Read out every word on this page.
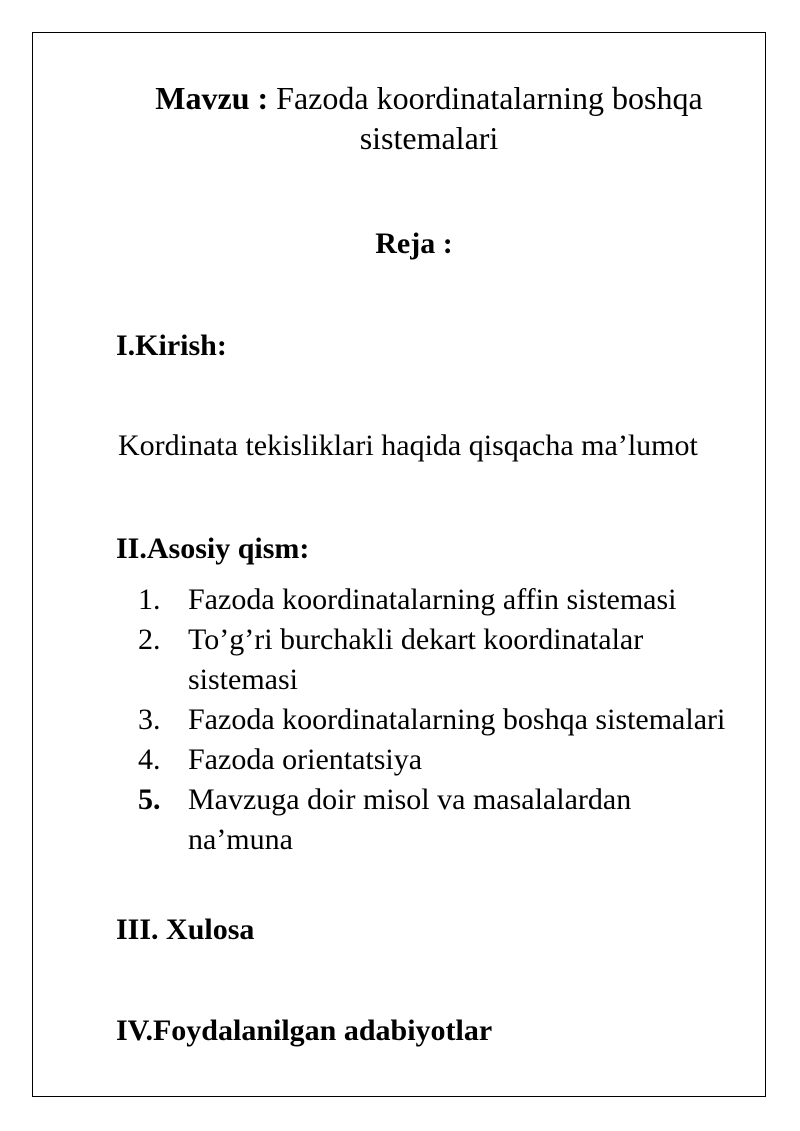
Mavzu : Fazoda koordinatalarning boshqa sistemalari
Reja :
I.Kirish:
Kordinata tekisliklari haqida qisqacha ma’lumot
II.Asosiy qism:
1. Fazoda koordinatalarning affin sistemasi
2. To’g’ri burchakli dekart koordinatalar sistemasi
3. Fazoda koordinatalarning boshqa sistemalari
4. Fazoda orientatsiya
5. Mavzuga doir misol va masalalardan na’muna
III. Xulosa
IV.Foydalanilgan adabiyotlar
